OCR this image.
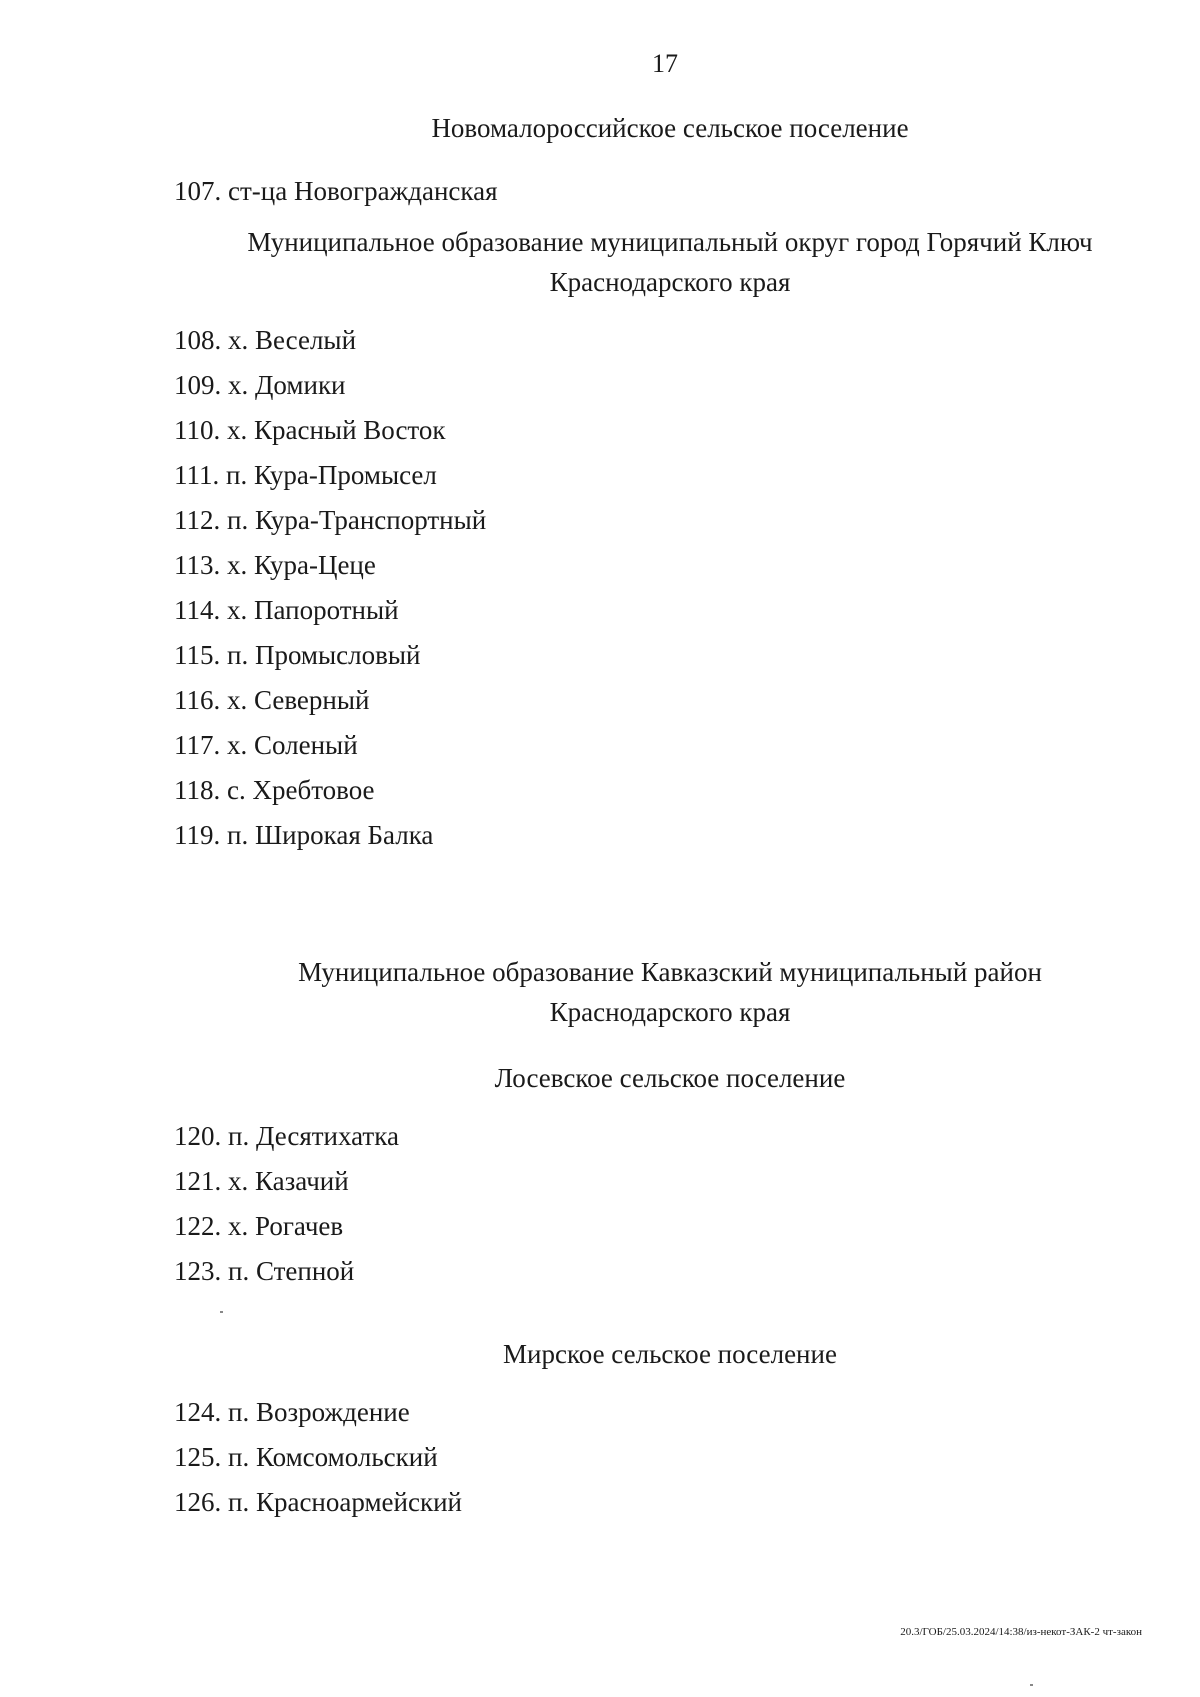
17
Новомалороссийское сельское поселение
107. ст-ца Новогражданская
Муниципальное образование муниципальный округ город Горячий Ключ
Краснодарского края
108. х. Веселый
109. х. Домики
110. х. Красный Восток
111. п. Кура-Промысел
112. п. Кура-Транспортный
113. х. Кура-Цеце
114. х. Папоротный
115. п. Промысловый
116. х. Северный
117. х. Соленый
118. с. Хребтовое
119. п. Широкая Балка
Муниципальное образование Кавказский муниципальный район
Краснодарского края
Лосевское сельское поселение
120. п. Десятихатка
121. х. Казачий
122. х. Рогачев
123. п. Степной
Мирское сельское поселение
124. п. Возрождение
125. п. Комсомольский
126. п. Красноармейский
20.3/ГОБ/25.03.2024/14:38/из-некот-ЗАК-2 чт-закон
